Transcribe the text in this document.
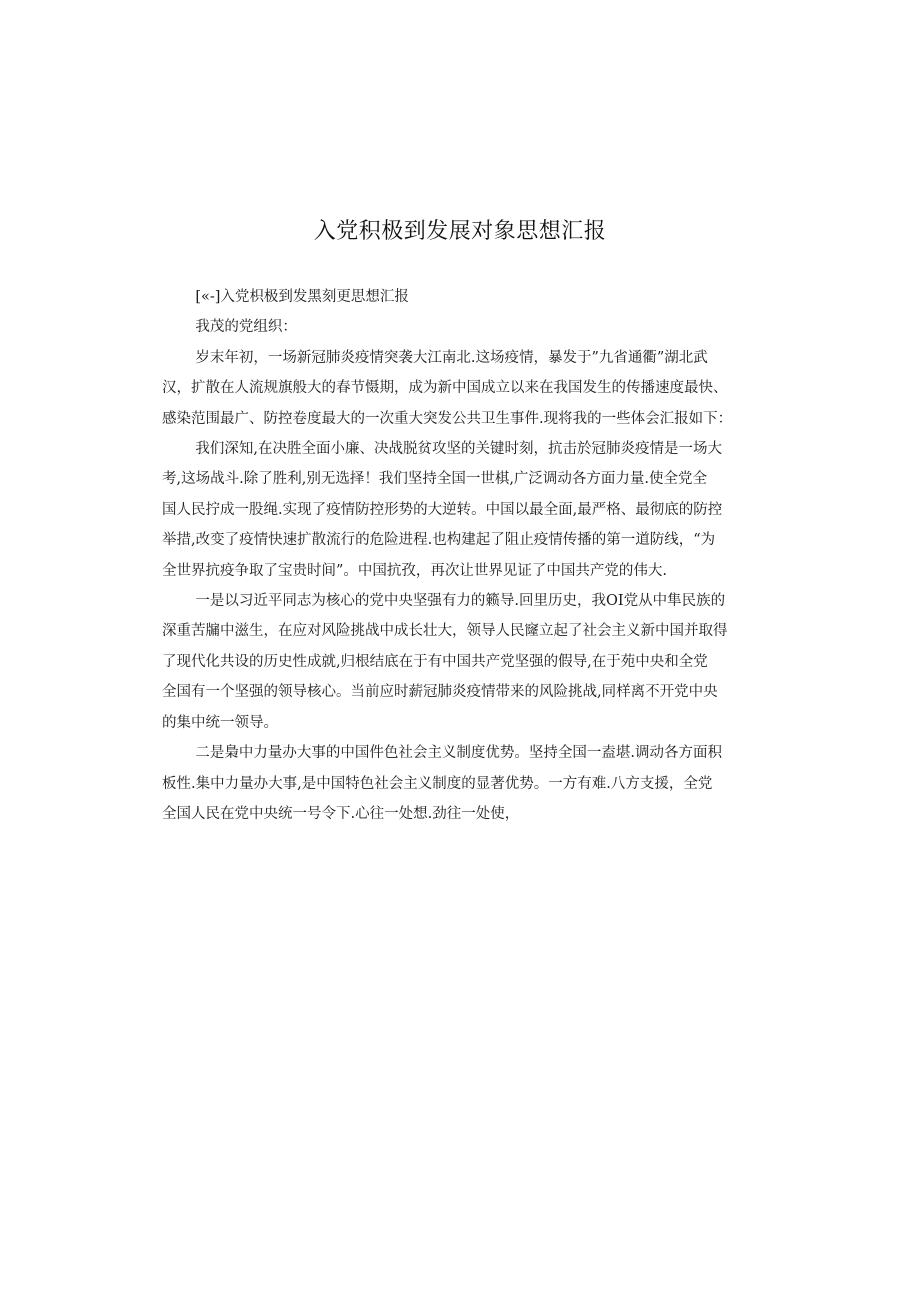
入党积极到发展对象思想汇报

[«-]入党枳极到发黑刻更思想汇报

我茂的党组织：

岁末年初，一场新冠肺炎疫情突袭大江南北.这场疫情，暴发于”九省通衢”湖北武

汉，扩散在人流规旗般大的春节慑期，成为新中国成立以来在我国发生的传播速度最快、

感染范围最广、防控卷度最大的一次重大突发公共卫生事件.现将我的一些体会汇报如下：

我们深知,在决胜全面小廉、决战脱贫攻坚的关键时刻，抗击於冠肺炎疫情是一场大

考,这场战斗.除了胜利,别无选择！我们坚持全国一世棋,广泛调动各方面力量.使全党全

国人民拧成一股绳.实现了疫情防控形势的大逆转。中国以最全面,最严格、最彻底的防控

举措,改变了疫情快速扩散流行的危险进程.也构建起了阻止疫情传播的第一道防线，“为

全世界抗疫争取了宝贵时间”。中国抗孜，再次让世界见证了中国共产党的伟大.

一是以习近平同志为核心的党中央坚强有力的籁导.回里历史，我OI党从中隼民族的

深重苦牖中滋生，在应对风险挑战中成长壮大，领导人民窿立起了社会主义新中国并取得

了现代化共设的历史性成就,归根结底在于有中国共产党坚强的假导,在于苑中央和全党

全国有一个坚强的领导核心。当前应时薪冠肺炎疫情带来的风险挑战,同样离不开党中央

的集中统一领导。

二是梟中力量办大事的中国件色社会主义制度优势。坚持全国一盍堪.调动各方面积

板性.集中力量办大事,是中国特色社会主义制度的显著优势。一方有难.八方支援，全党

全国人民在党中央统一号令下.心往一处想.劲往一处使，
